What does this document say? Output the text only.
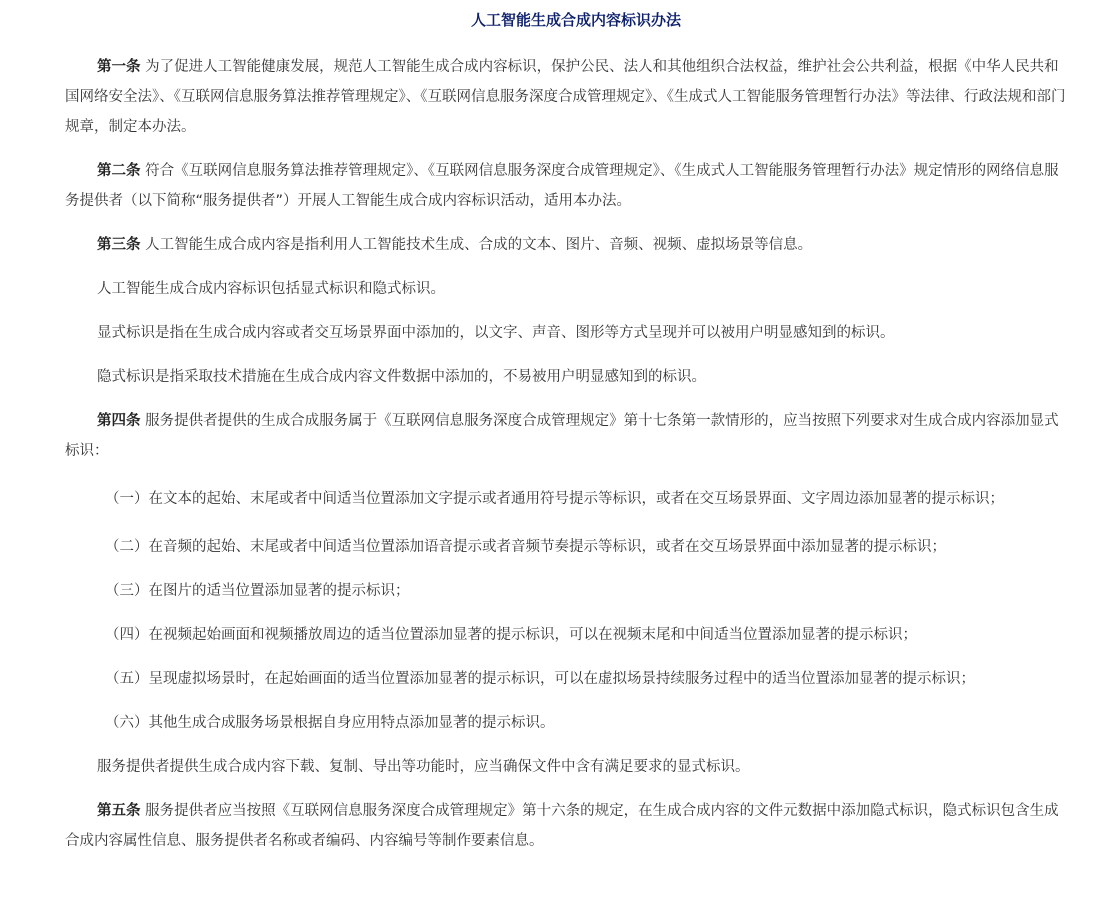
人工智能生成合成内容标识办法

第一条 为了促进人工智能健康发展，规范人工智能生成合成内容标识，保护公民、法人和其他组织合法权益，维护社会公共利益，根据《中华人民共和国网络安全法》、《互联网信息服务算法推荐管理规定》、《互联网信息服务深度合成管理规定》、《生成式人工智能服务管理暂行办法》等法律、行政法规和部门规章，制定本办法。

第二条 符合《互联网信息服务算法推荐管理规定》、《互联网信息服务深度合成管理规定》、《生成式人工智能服务管理暂行办法》规定情形的网络信息服务提供者（以下简称“服务提供者”）开展人工智能生成合成内容标识活动，适用本办法。

第三条 人工智能生成合成内容是指利用人工智能技术生成、合成的文本、图片、音频、视频、虚拟场景等信息。

人工智能生成合成内容标识包括显式标识和隐式标识。

显式标识是指在生成合成内容或者交互场景界面中添加的，以文字、声音、图形等方式呈现并可以被用户明显感知到的标识。

隐式标识是指采取技术措施在生成合成内容文件数据中添加的，不易被用户明显感知到的标识。

第四条 服务提供者提供的生成合成服务属于《互联网信息服务深度合成管理规定》第十七条第一款情形的，应当按照下列要求对生成合成内容添加显式标识：

（一）在文本的起始、末尾或者中间适当位置添加文字提示或者通用符号提示等标识，或者在交互场景界面、文字周边添加显著的提示标识；

（二）在音频的起始、末尾或者中间适当位置添加语音提示或者音频节奏提示等标识，或者在交互场景界面中添加显著的提示标识；

（三）在图片的适当位置添加显著的提示标识；

（四）在视频起始画面和视频播放周边的适当位置添加显著的提示标识，可以在视频末尾和中间适当位置添加显著的提示标识；

（五）呈现虚拟场景时，在起始画面的适当位置添加显著的提示标识，可以在虚拟场景持续服务过程中的适当位置添加显著的提示标识；

（六）其他生成合成服务场景根据自身应用特点添加显著的提示标识。

服务提供者提供生成合成内容下载、复制、导出等功能时，应当确保文件中含有满足要求的显式标识。

第五条 服务提供者应当按照《互联网信息服务深度合成管理规定》第十六条的规定，在生成合成内容的文件元数据中添加隐式标识，隐式标识包含生成合成内容属性信息、服务提供者名称或者编码、内容编号等制作要素信息。
